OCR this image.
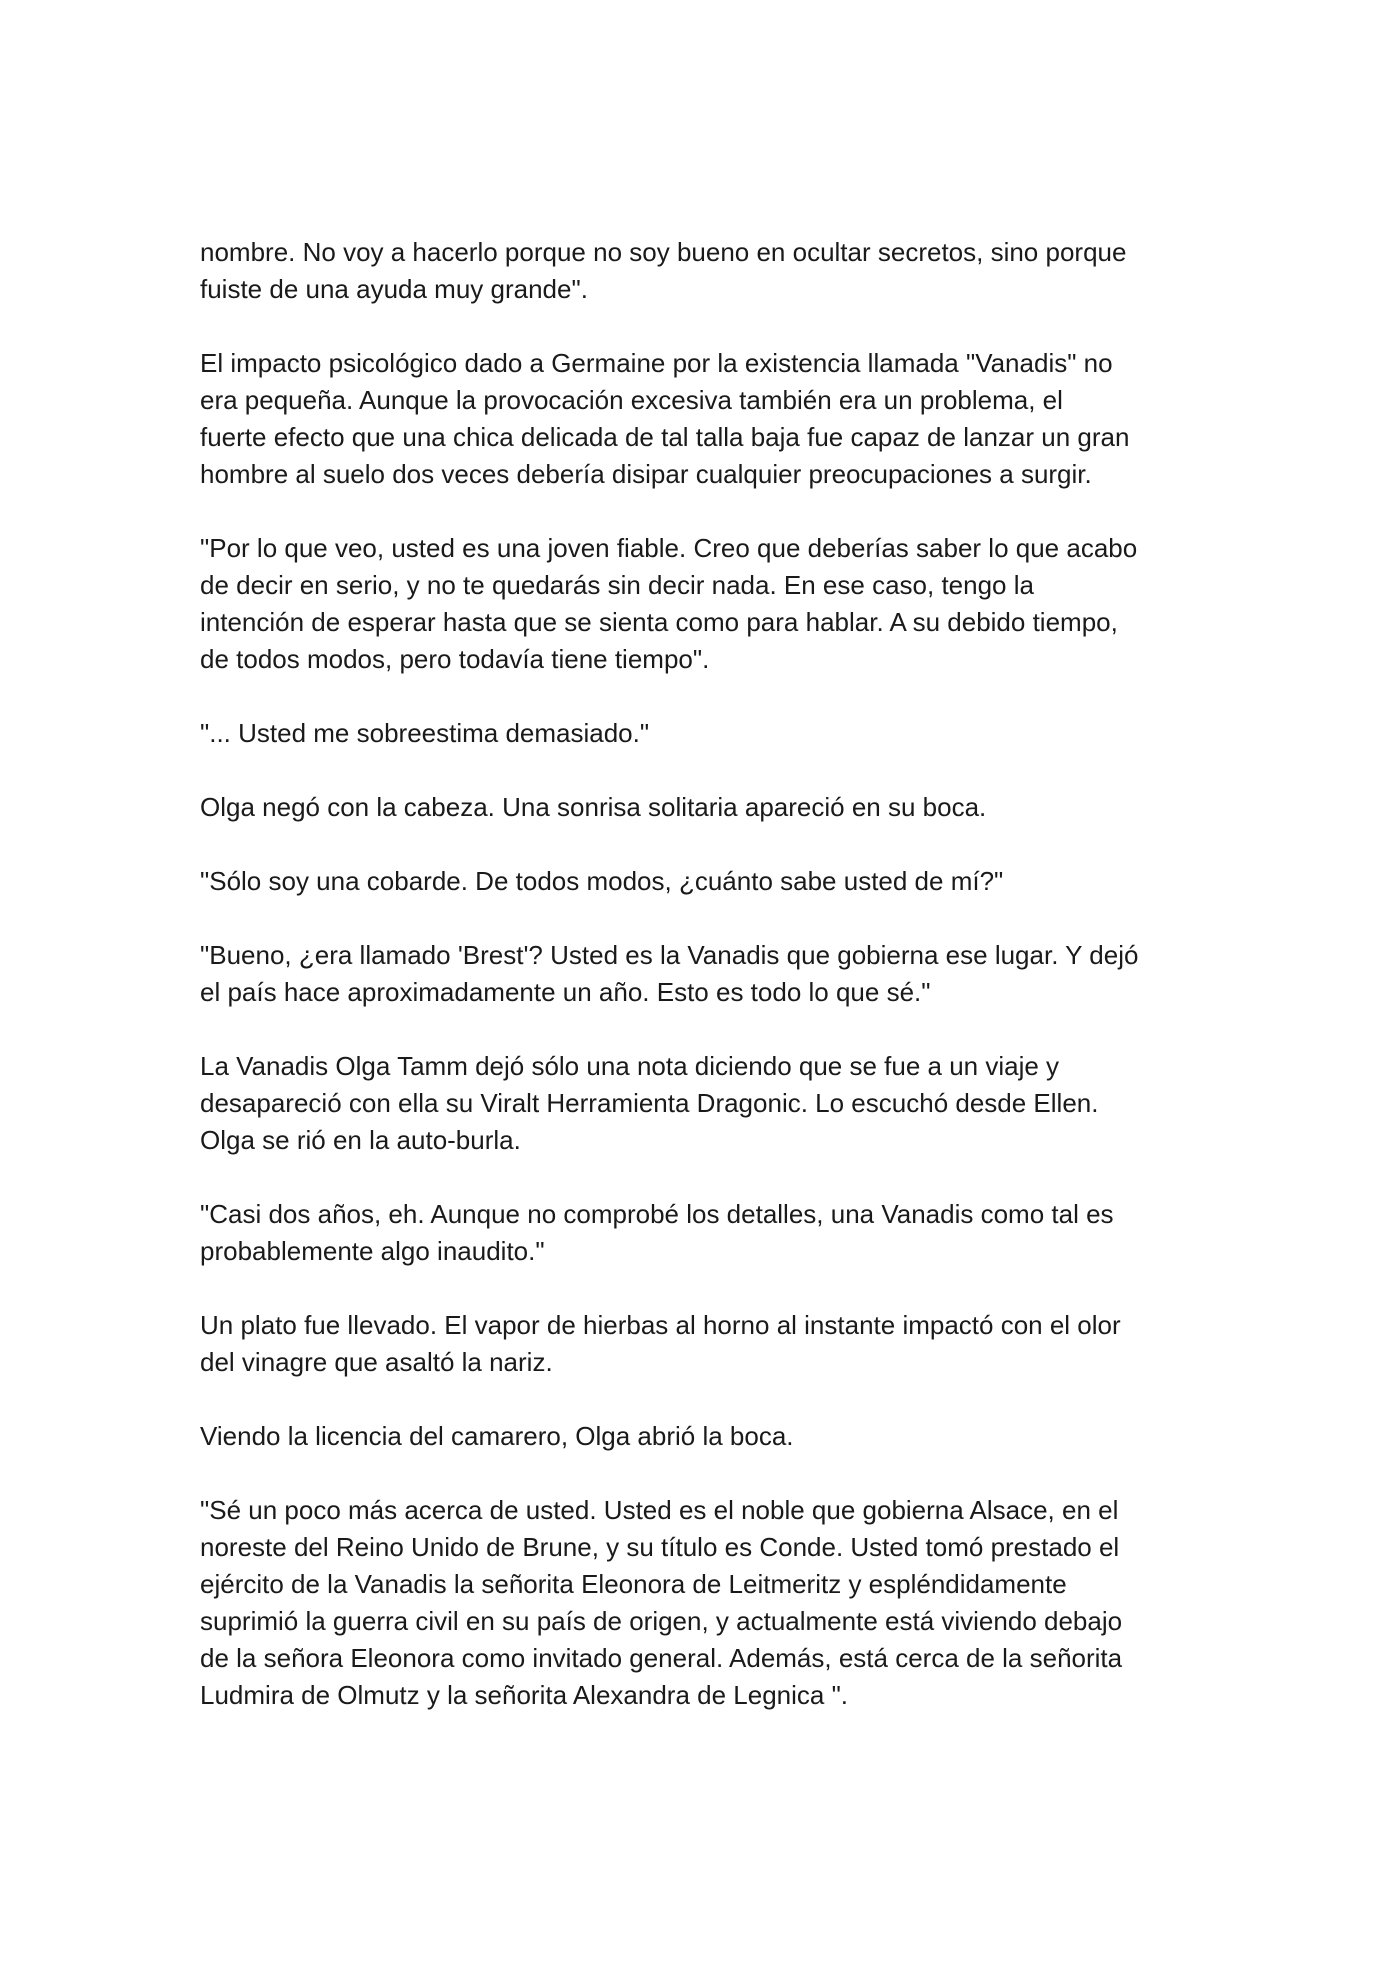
nombre. No voy a hacerlo porque no soy bueno en ocultar secretos, sino porque
fuiste de una ayuda muy grande".

El impacto psicológico dado a Germaine por la existencia llamada "Vanadis" no
era pequeña. Aunque la provocación excesiva también era un problema, el
fuerte efecto que una chica delicada de tal talla baja fue capaz de lanzar un gran
hombre al suelo dos veces debería disipar cualquier preocupaciones a surgir.

"Por lo que veo, usted es una joven fiable. Creo que deberías saber lo que acabo
de decir en serio, y no te quedarás sin decir nada. En ese caso, tengo la
intención de esperar hasta que se sienta como para hablar. A su debido tiempo,
de todos modos, pero todavía tiene tiempo".

"... Usted me sobreestima demasiado."

Olga negó con la cabeza. Una sonrisa solitaria apareció en su boca.

"Sólo soy una cobarde. De todos modos, ¿cuánto sabe usted de mí?"

"Bueno, ¿era llamado 'Brest'? Usted es la Vanadis que gobierna ese lugar. Y dejó
el país hace aproximadamente un año. Esto es todo lo que sé."

La Vanadis Olga Tamm dejó sólo una nota diciendo que se fue a un viaje y
desapareció con ella su Viralt Herramienta Dragonic. Lo escuchó desde Ellen.
Olga se rió en la auto-burla.

"Casi dos años, eh. Aunque no comprobé los detalles, una Vanadis como tal es
probablemente algo inaudito."

Un plato fue llevado. El vapor de hierbas al horno al instante impactó con el olor
del vinagre que asaltó la nariz.

Viendo la licencia del camarero, Olga abrió la boca.

"Sé un poco más acerca de usted. Usted es el noble que gobierna Alsace, en el
noreste del Reino Unido de Brune, y su título es Conde. Usted tomó prestado el
ejército de la Vanadis la señorita Eleonora de Leitmeritz y espléndidamente
suprimió la guerra civil en su país de origen, y actualmente está viviendo debajo
de la señora Eleonora como invitado general. Además, está cerca de la señorita
Ludmira de Olmutz y la señorita Alexandra de Legnica ".
